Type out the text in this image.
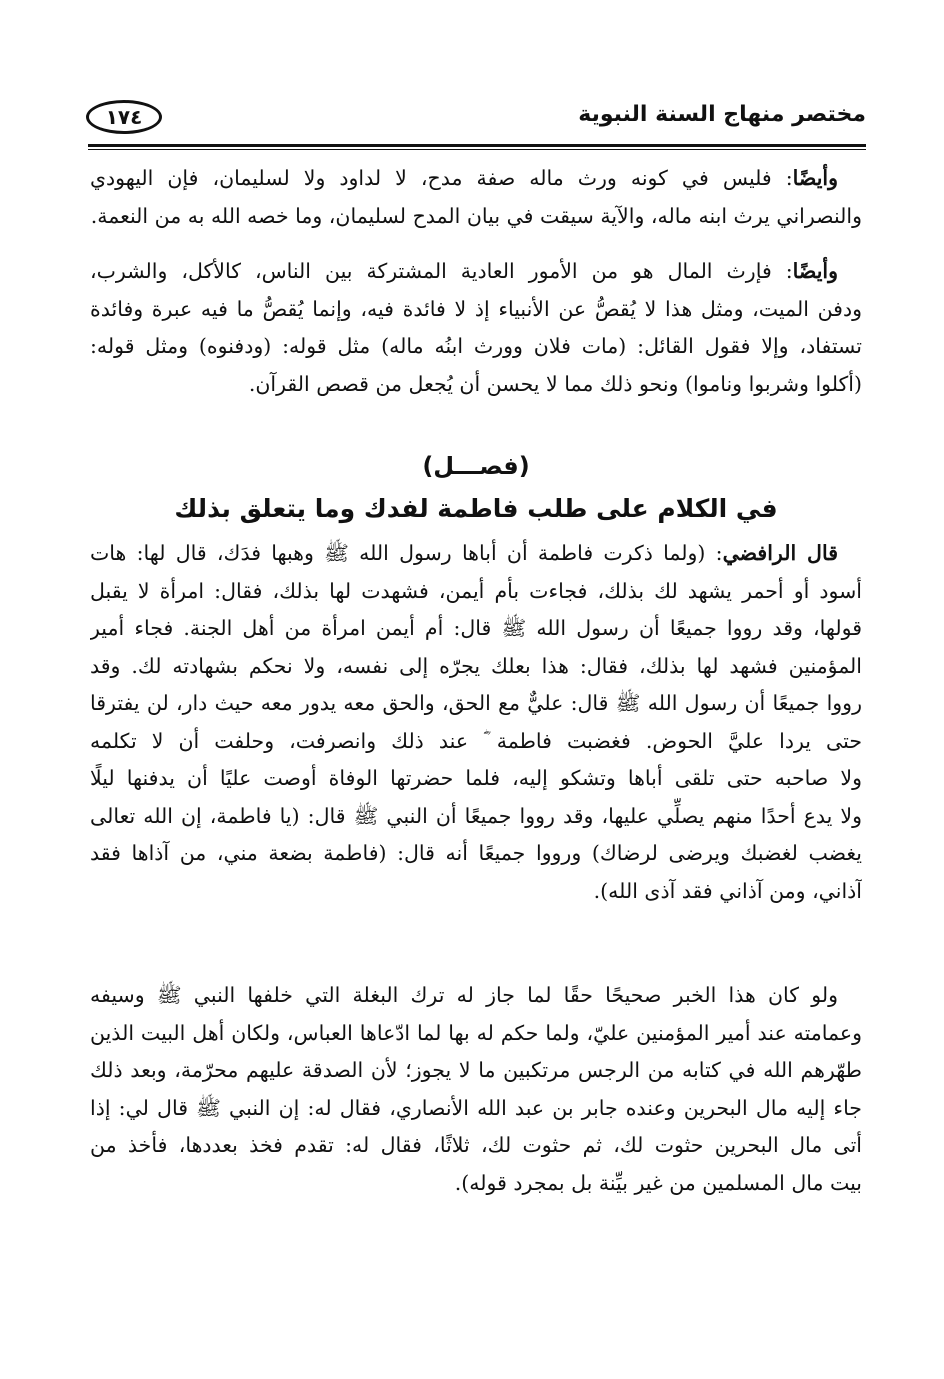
١٧٤	مختصر منهاج السنة النبوية
وأيضًا: فليس في كونه ورث ماله صفة مدح، لا لداود ولا لسليمان، فإن اليهودي
والنصراني يرث ابنه ماله، والآية سيقت في بيان المدح لسليمان، وما خصه الله به من النعمة.
وأيضًا: فإرث المال هو من الأمور العادية المشتركة بين الناس، كالأكل، والشرب،
ودفن الميت، ومثل هذا لا يُقصُّ عن الأنبياء إذ لا فائدة فيه، وإنما يُقصُّ ما فيه عبرة وفائدة
تستفاد، وإلا فقول القائل: (مات فلان وورث ابنُه ماله) مثل قوله: (ودفنوه) ومثل قوله:
(أكلوا وشربوا وناموا) ونحو ذلك مما لا يحسن أن يُجعل من قصص القرآن.
(فصـــل)
في الكلام على طلب فاطمة لفدك وما يتعلق بذلك
قال الرافضي: (ولما ذكرت فاطمة أن أباها رسول الله ﷺ وهبها فدَك، قال لها: هات
أسود أو أحمر يشهد لك بذلك، فجاءت بأم أيمن، فشهدت لها بذلك، فقال: امرأة لا يقبل
قولها، وقد رووا جميعًا أن رسول الله ﷺ قال: أم أيمن امرأة من أهل الجنة. فجاء أمير
المؤمنين فشهد لها بذلك، فقال: هذا بعلك يجرّه إلى نفسه، ولا نحكم بشهادته لك. وقد
رووا جميعًا أن رسول الله ﷺ قال: عليٌّ مع الحق، والحق معه يدور معه حيث دار، لن يفترقا
حتى يردا عليَّ الحوض. فغضبت فاطمة ؓ عند ذلك وانصرفت، وحلفت أن لا تكلمه
ولا صاحبه حتى تلقى أباها وتشكو إليه، فلما حضرتها الوفاة أوصت عليًا أن يدفنها ليلًا
ولا يدع أحدًا منهم يصلِّي عليها، وقد رووا جميعًا أن النبي ﷺ قال: (يا فاطمة، إن الله تعالى
يغضب لغضبك ويرضى لرضاك) ورووا جميعًا أنه قال: (فاطمة بضعة مني، من آذاها فقد
آذاني، ومن آذاني فقد آذى الله).
ولو كان هذا الخبر صحيحًا حقًا لما جاز له ترك البغلة التي خلفها النبي ﷺ وسيفه
وعمامته عند أمير المؤمنين عليّ، ولما حكم له بها لما ادّعاها العباس، ولكان أهل البيت الذين
طهّرهم الله في كتابه من الرجس مرتكبين ما لا يجوز؛ لأن الصدقة عليهم محرّمة، وبعد ذلك
جاء إليه مال البحرين وعنده جابر بن عبد الله الأنصاري، فقال له: إن النبي ﷺ قال لي: إذا
أتى مال البحرين حثوت لك، ثم حثوت لك، ثلاثًا، فقال له: تقدم فخذ بعددها، فأخذ من
بيت مال المسلمين من غير بيِّنة بل بمجرد قوله).
